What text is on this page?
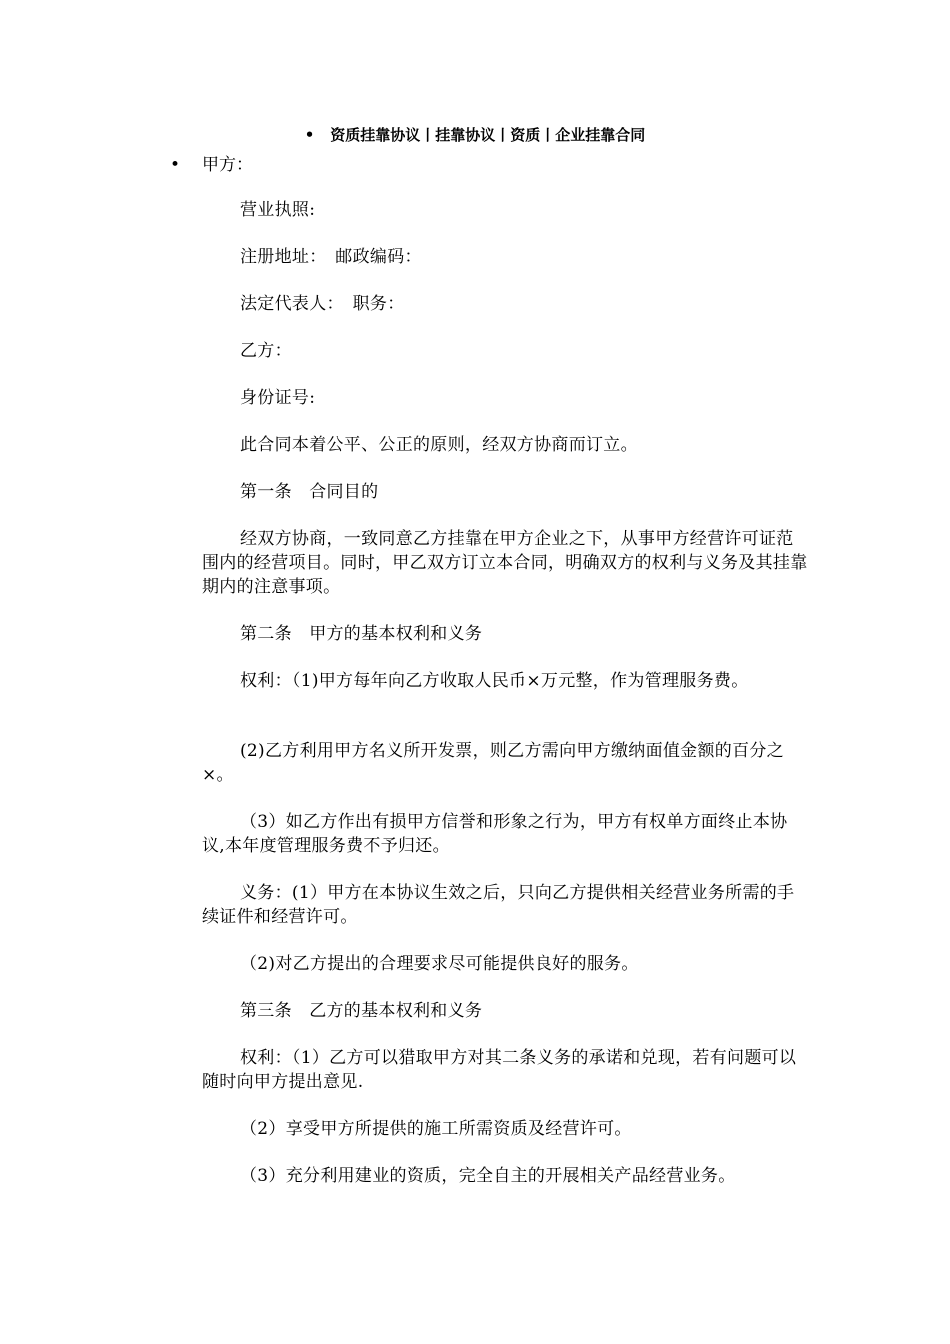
• 资质挂靠协议丨挂靠协议丨资质丨企业挂靠合同
• 甲方：

营业执照:

注册地址：　邮政编码：

法定代表人：　职务：

乙方：

身份证号:

此合同本着公平、公正的原则，经双方协商而订立。

第一条　合同目的

经双方协商，一致同意乙方挂靠在甲方企业之下，从事甲方经营许可证范围内的经营项目。同时，甲乙双方订立本合同，明确双方的权利与义务及其挂靠期内的注意事项。

第二条　甲方的基本权利和义务

权利：（1)甲方每年向乙方收取人民币×万元整，作为管理服务费。

(2)乙方利用甲方名义所开发票，则乙方需向甲方缴纳面值金额的百分之×。

（3）如乙方作出有损甲方信誉和形象之行为，甲方有权单方面终止本协议,本年度管理服务费不予归还。

义务：(1）甲方在本协议生效之后，只向乙方提供相关经营业务所需的手续证件和经营许可。

（2)对乙方提出的合理要求尽可能提供良好的服务。

第三条　乙方的基本权利和义务

权利：（1）乙方可以猎取甲方对其二条义务的承诺和兑现，若有问题可以随时向甲方提出意见.

（2）享受甲方所提供的施工所需资质及经营许可。

（3）充分利用建业的资质，完全自主的开展相关产品经营业务。
